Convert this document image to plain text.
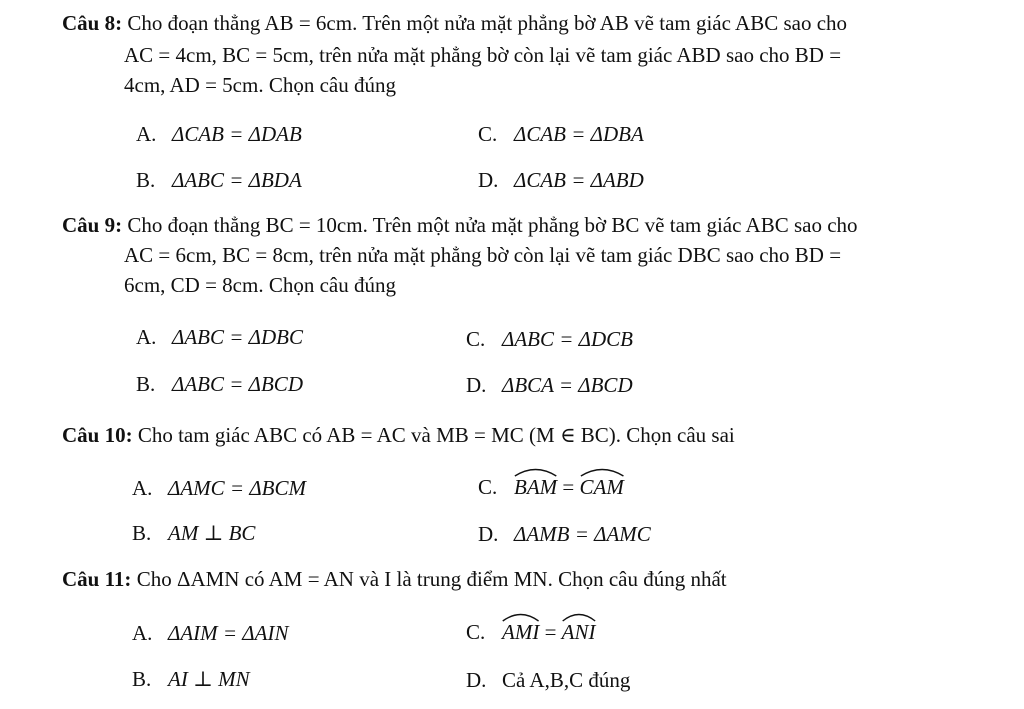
Câu 8: Cho đoạn thẳng AB = 6cm. Trên một nửa mặt phẳng bờ AB vẽ tam giác ABC sao cho
AC = 4cm, BC = 5cm, trên nửa mặt phẳng bờ còn lại vẽ tam giác ABD sao cho BD =
4cm, AD = 5cm. Chọn câu đúng
A. ΔCAB = ΔDAB
B. ΔABC = ΔBDA
C. ΔCAB = ΔDBA
D. ΔCAB = ΔABD
Câu 9: Cho đoạn thẳng BC = 10cm. Trên một nửa mặt phẳng bờ BC vẽ tam giác ABC sao cho
AC = 6cm, BC = 8cm, trên nửa mặt phẳng bờ còn lại vẽ tam giác DBC sao cho BD =
6cm, CD = 8cm. Chọn câu đúng
A. ΔABC = ΔDBC
B. ΔABC = ΔBCD
C. ΔABC = ΔDCB
D. ΔBCA = ΔBCD
Câu 10: Cho tam giác ABC có AB = AC và MB = MC (M ∈ BC). Chọn câu sai
A. ΔAMC = ΔBCM
B. AM ⊥ BC
C. BAM =
CAM
D. ΔAMB = ΔAMC
Câu 11: Cho ΔAMN có AM = AN và I là trung điểm MN. Chọn câu đúng nhất
A. ΔAIM = ΔAIN
B. AI ⊥ MN
C. AMI =
ANI
D. Cả A,B,C đúng
